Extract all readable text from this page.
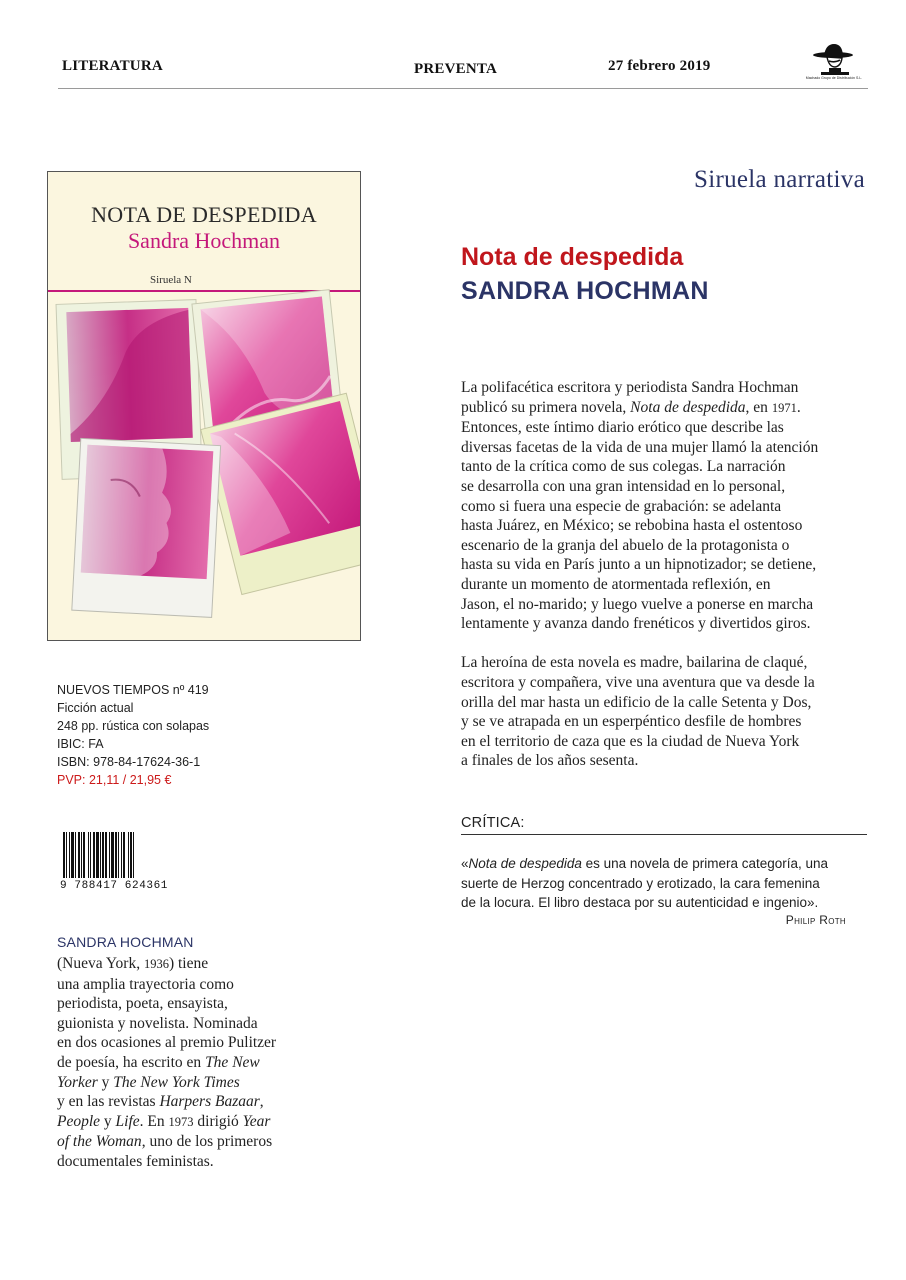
LITERATURA	PREVENTA	27 febrero 2019
Machado Grupo de Distribución S.L.
NOTA DE DESPEDIDA
Sandra Hochman
Siruela N
NUEVOS TIEMPOS nº 419
Ficción actual
248 pp. rústica con solapas
IBIC: FA
ISBN: 978-84-17624-36-1
PVP: 21,11 / 21,95 €
9 788417 624361
SANDRA HOCHMAN
(Nueva York, 1936) tiene
una amplia trayectoria como
periodista, poeta, ensayista,
guionista y novelista. Nominada
en dos ocasiones al premio Pulitzer
de poesía, ha escrito en The New
Yorker y The New York Times
y en las revistas Harpers Bazaar,
People y Life. En 1973 dirigió Year
of the Woman, uno de los primeros
documentales feministas.
Siruela narrativa
Nota de despedida
SANDRA HOCHMAN
La polifacética escritora y periodista Sandra Hochman
publicó su primera novela, Nota de despedida, en 1971.
Entonces, este íntimo diario erótico que describe las
diversas facetas de la vida de una mujer llamó la atención
tanto de la crítica como de sus colegas. La narración
se desarrolla con una gran intensidad en lo personal,
como si fuera una especie de grabación: se adelanta
hasta Juárez, en México; se rebobina hasta el ostentoso
escenario de la granja del abuelo de la protagonista o
hasta su vida en París junto a un hipnotizador; se detiene,
durante un momento de atormentada reflexión, en
Jason, el no-marido; y luego vuelve a ponerse en marcha
lentamente y avanza dando frenéticos y divertidos giros.
La heroína de esta novela es madre, bailarina de claqué,
escritora y compañera, vive una aventura que va desde la
orilla del mar hasta un edificio de la calle Setenta y Dos,
y se ve atrapada en un esperpéntico desfile de hombres
en el territorio de caza que es la ciudad de Nueva York
a finales de los años sesenta.
CRÍTICA:
«Nota de despedida es una novela de primera categoría, una
suerte de Herzog concentrado y erotizado, la cara femenina
de la locura. El libro destaca por su autenticidad e ingenio».
Philip Roth
